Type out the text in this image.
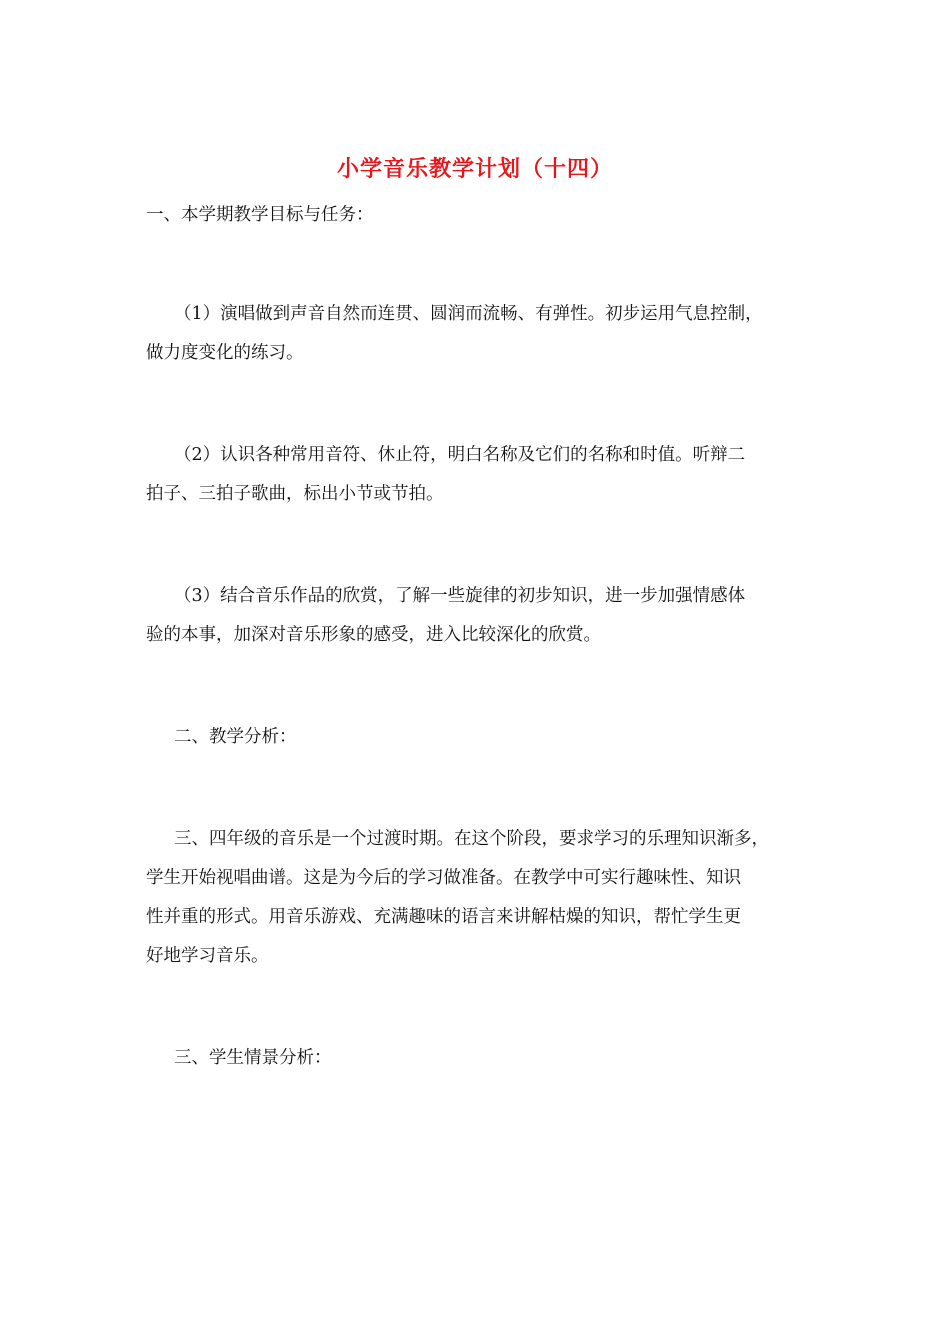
小学音乐教学计划（十四）
一、本学期教学目标与任务：
（1）演唱做到声音自然而连贯、圆润而流畅、有弹性。初步运用气息控制，
做力度变化的练习。
（2）认识各种常用音符、休止符，明白名称及它们的名称和时值。听辩二
拍子、三拍子歌曲，标出小节或节拍。
（3）结合音乐作品的欣赏，了解一些旋律的初步知识，进一步加强情感体
验的本事，加深对音乐形象的感受，进入比较深化的欣赏。
二、教学分析：
三、四年级的音乐是一个过渡时期。在这个阶段，要求学习的乐理知识渐多，
学生开始视唱曲谱。这是为今后的学习做准备。在教学中可实行趣味性、知识
性并重的形式。用音乐游戏、充满趣味的语言来讲解枯燥的知识，帮忙学生更
好地学习音乐。
三、学生情景分析：
